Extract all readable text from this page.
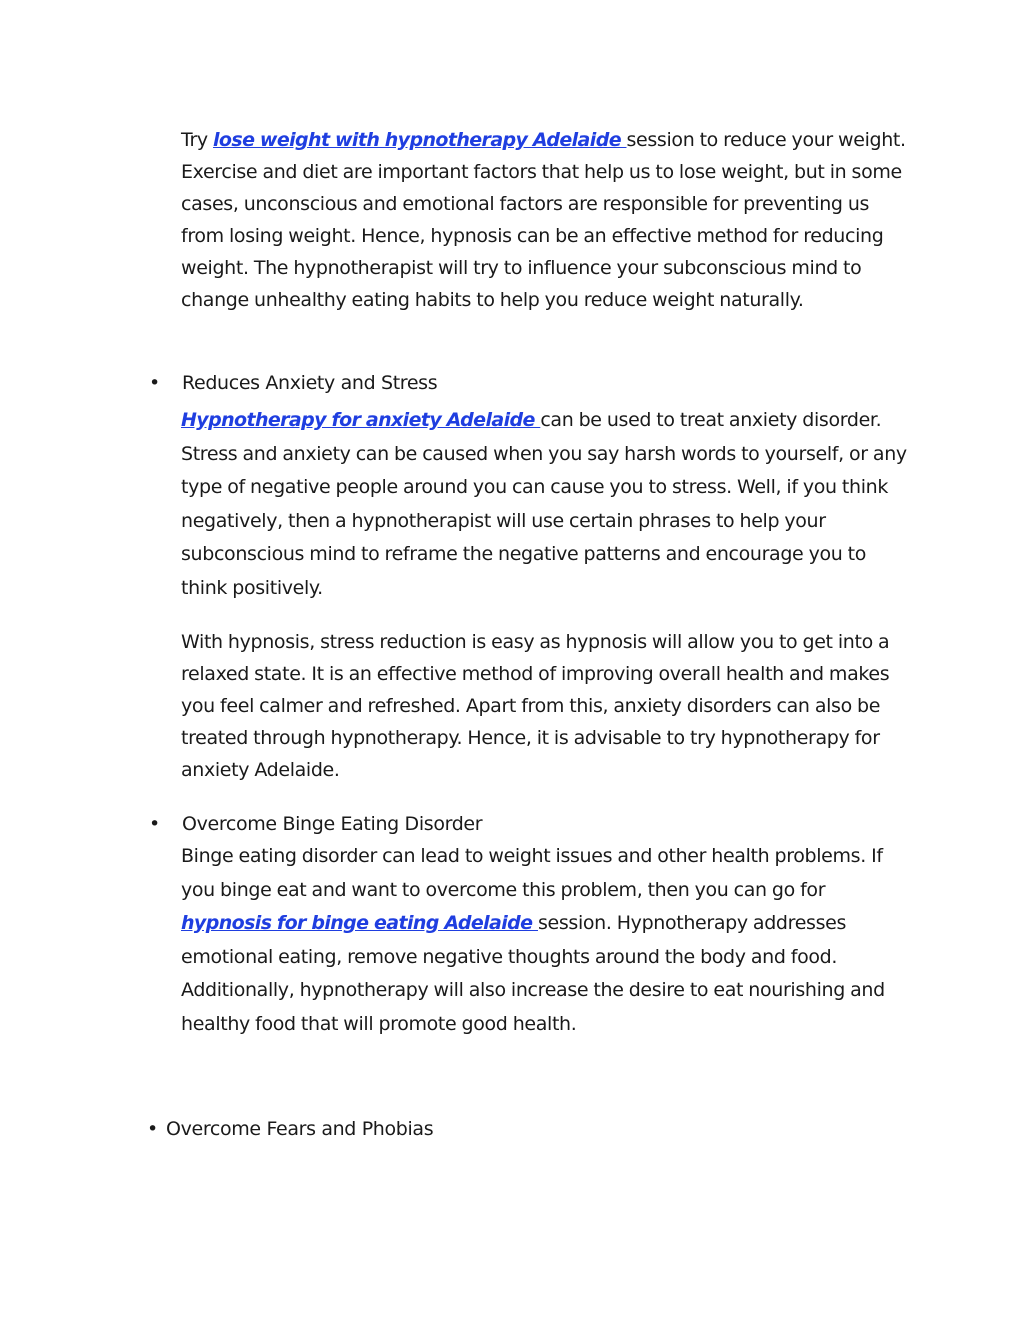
Try lose weight with hypnotherapy Adelaide session to reduce your weight. Exercise and diet are important factors that help us to lose weight, but in some cases, unconscious and emotional factors are responsible for preventing us from losing weight. Hence, hypnosis can be an effective method for reducing weight. The hypnotherapist will try to influence your subconscious mind to change unhealthy eating habits to help you reduce weight naturally.

• Reduces Anxiety and Stress

Hypnotherapy for anxiety Adelaide can be used to treat anxiety disorder. Stress and anxiety can be caused when you say harsh words to yourself, or any type of negative people around you can cause you to stress. Well, if you think negatively, then a hypnotherapist will use certain phrases to help your subconscious mind to reframe the negative patterns and encourage you to think positively.

With hypnosis, stress reduction is easy as hypnosis will allow you to get into a relaxed state. It is an effective method of improving overall health and makes you feel calmer and refreshed. Apart from this, anxiety disorders can also be treated through hypnotherapy. Hence, it is advisable to try hypnotherapy for anxiety Adelaide.

• Overcome Binge Eating Disorder

Binge eating disorder can lead to weight issues and other health problems. If you binge eat and want to overcome this problem, then you can go for hypnosis for binge eating Adelaide session. Hypnotherapy addresses emotional eating, remove negative thoughts around the body and food. Additionally, hypnotherapy will also increase the desire to eat nourishing and healthy food that will promote good health.

• Overcome Fears and Phobias
